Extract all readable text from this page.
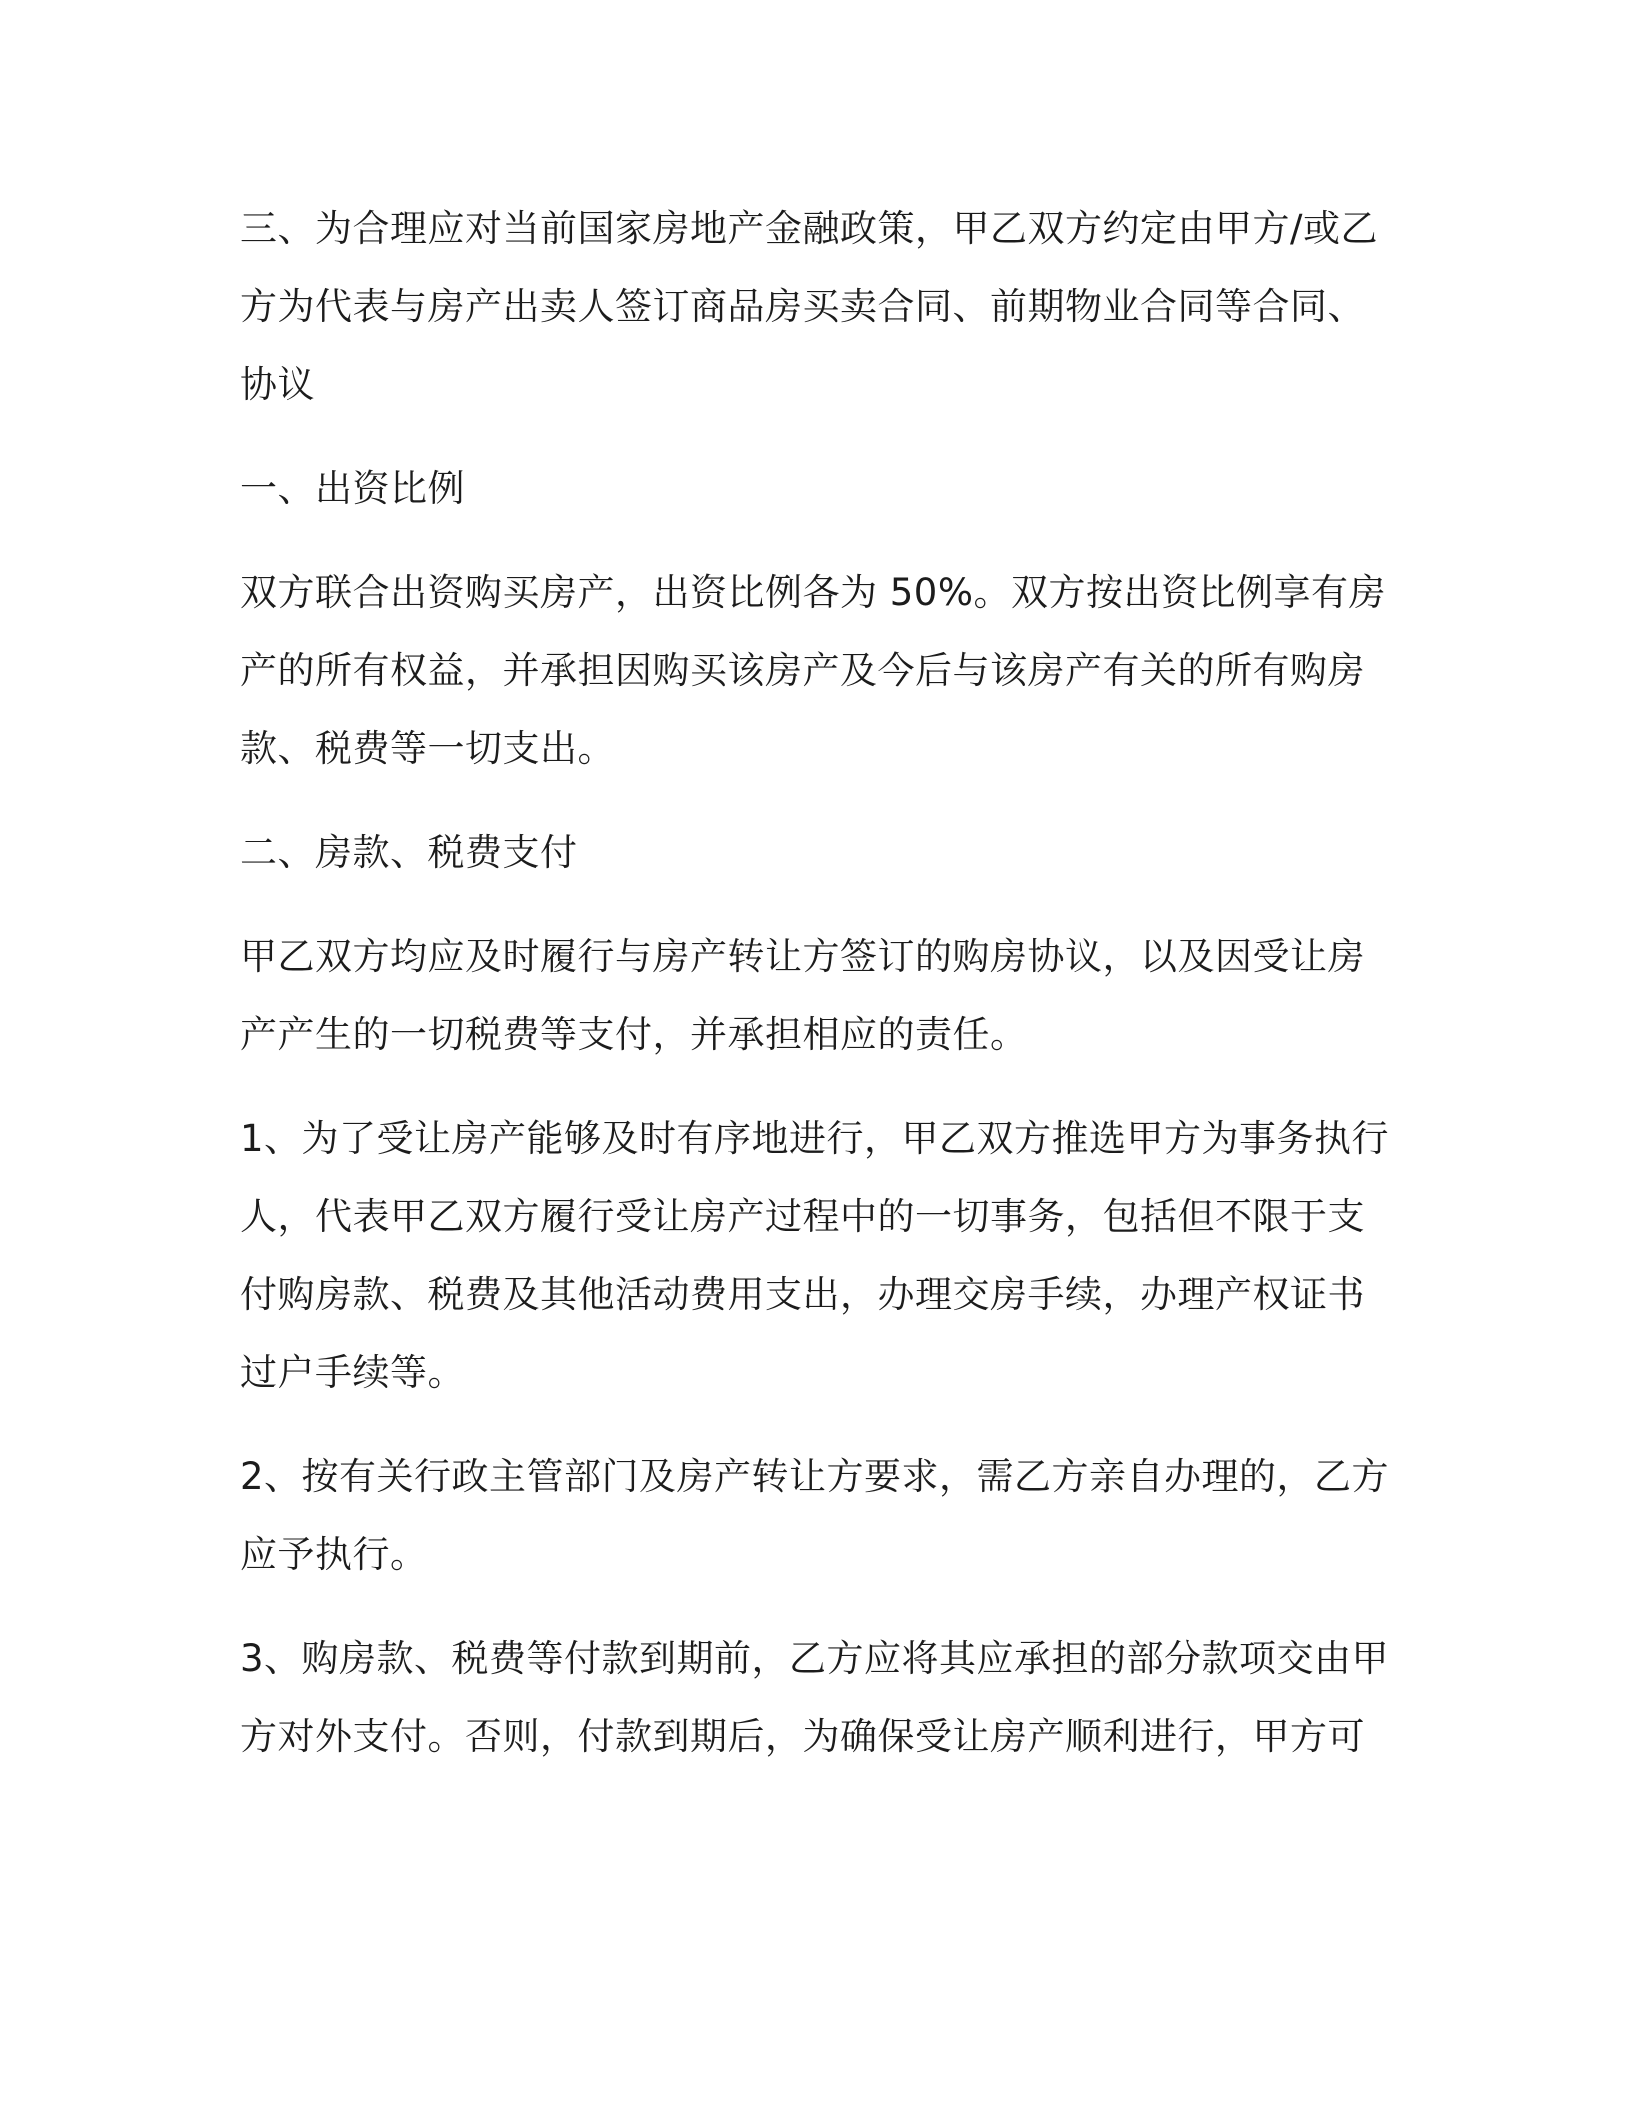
三、为合理应对当前国家房地产金融政策，甲乙双方约定由甲方/或乙
方为代表与房产出卖人签订商品房买卖合同、前期物业合同等合同、
协议

一、出资比例

双方联合出资购买房产，出资比例各为 50%。双方按出资比例享有房
产的所有权益，并承担因购买该房产及今后与该房产有关的所有购房
款、税费等一切支出。

二、房款、税费支付

甲乙双方均应及时履行与房产转让方签订的购房协议，以及因受让房
产产生的一切税费等支付，并承担相应的责任。

1、为了受让房产能够及时有序地进行，甲乙双方推选甲方为事务执行
人，代表甲乙双方履行受让房产过程中的一切事务，包括但不限于支
付购房款、税费及其他活动费用支出，办理交房手续，办理产权证书
过户手续等。

2、按有关行政主管部门及房产转让方要求，需乙方亲自办理的，乙方
应予执行。

3、购房款、税费等付款到期前，乙方应将其应承担的部分款项交由甲
方对外支付。否则，付款到期后，为确保受让房产顺利进行，甲方可
